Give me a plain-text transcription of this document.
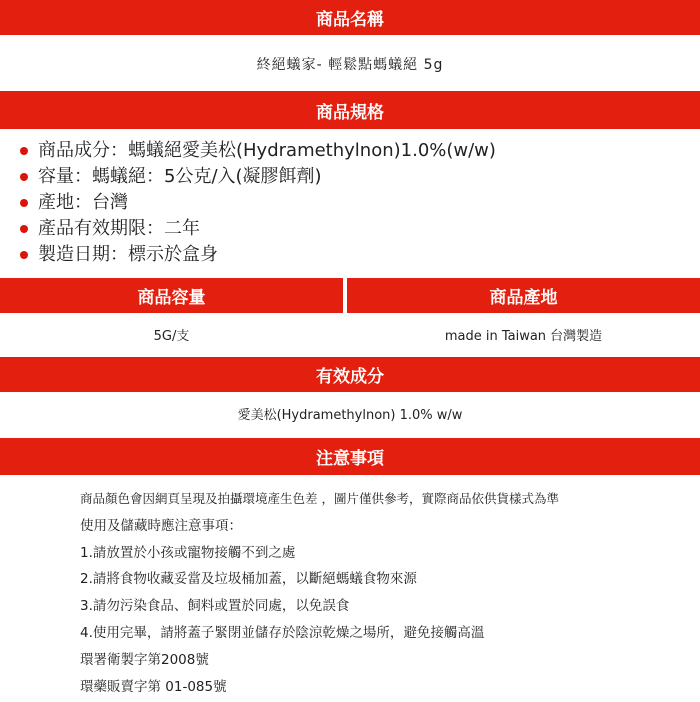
商品名稱
終絕蟻家- 輕鬆點螞蟻絕 5g
商品規格
商品成分：螞蟻絕愛美松(Hydramethylnon)1.0%(w/w)
容量：螞蟻絕：5公克/入(凝膠餌劑)
產地：台灣
產品有效期限：二年
製造日期：標示於盒身
商品容量	商品產地
5G/支	made in Taiwan 台灣製造
有效成分
愛美松(Hydramethylnon) 1.0% w/w
注意事項
商品顏色會因網頁呈現及拍攝環境產生色差 ，圖片僅供參考，實際商品依供貨樣式為準
使用及儲藏時應注意事項：
1.請放置於小孩或寵物接觸不到之處
2.請將食物收藏妥當及垃圾桶加蓋，以斷絕螞蟻食物來源
3.請勿污染食品、飼料或置於同處，以免誤食
4.使用完畢，請將蓋子緊閉並儲存於陰涼乾燥之場所，避免接觸高溫
環署衛製字第2008號
環藥販賣字第 01-085號
